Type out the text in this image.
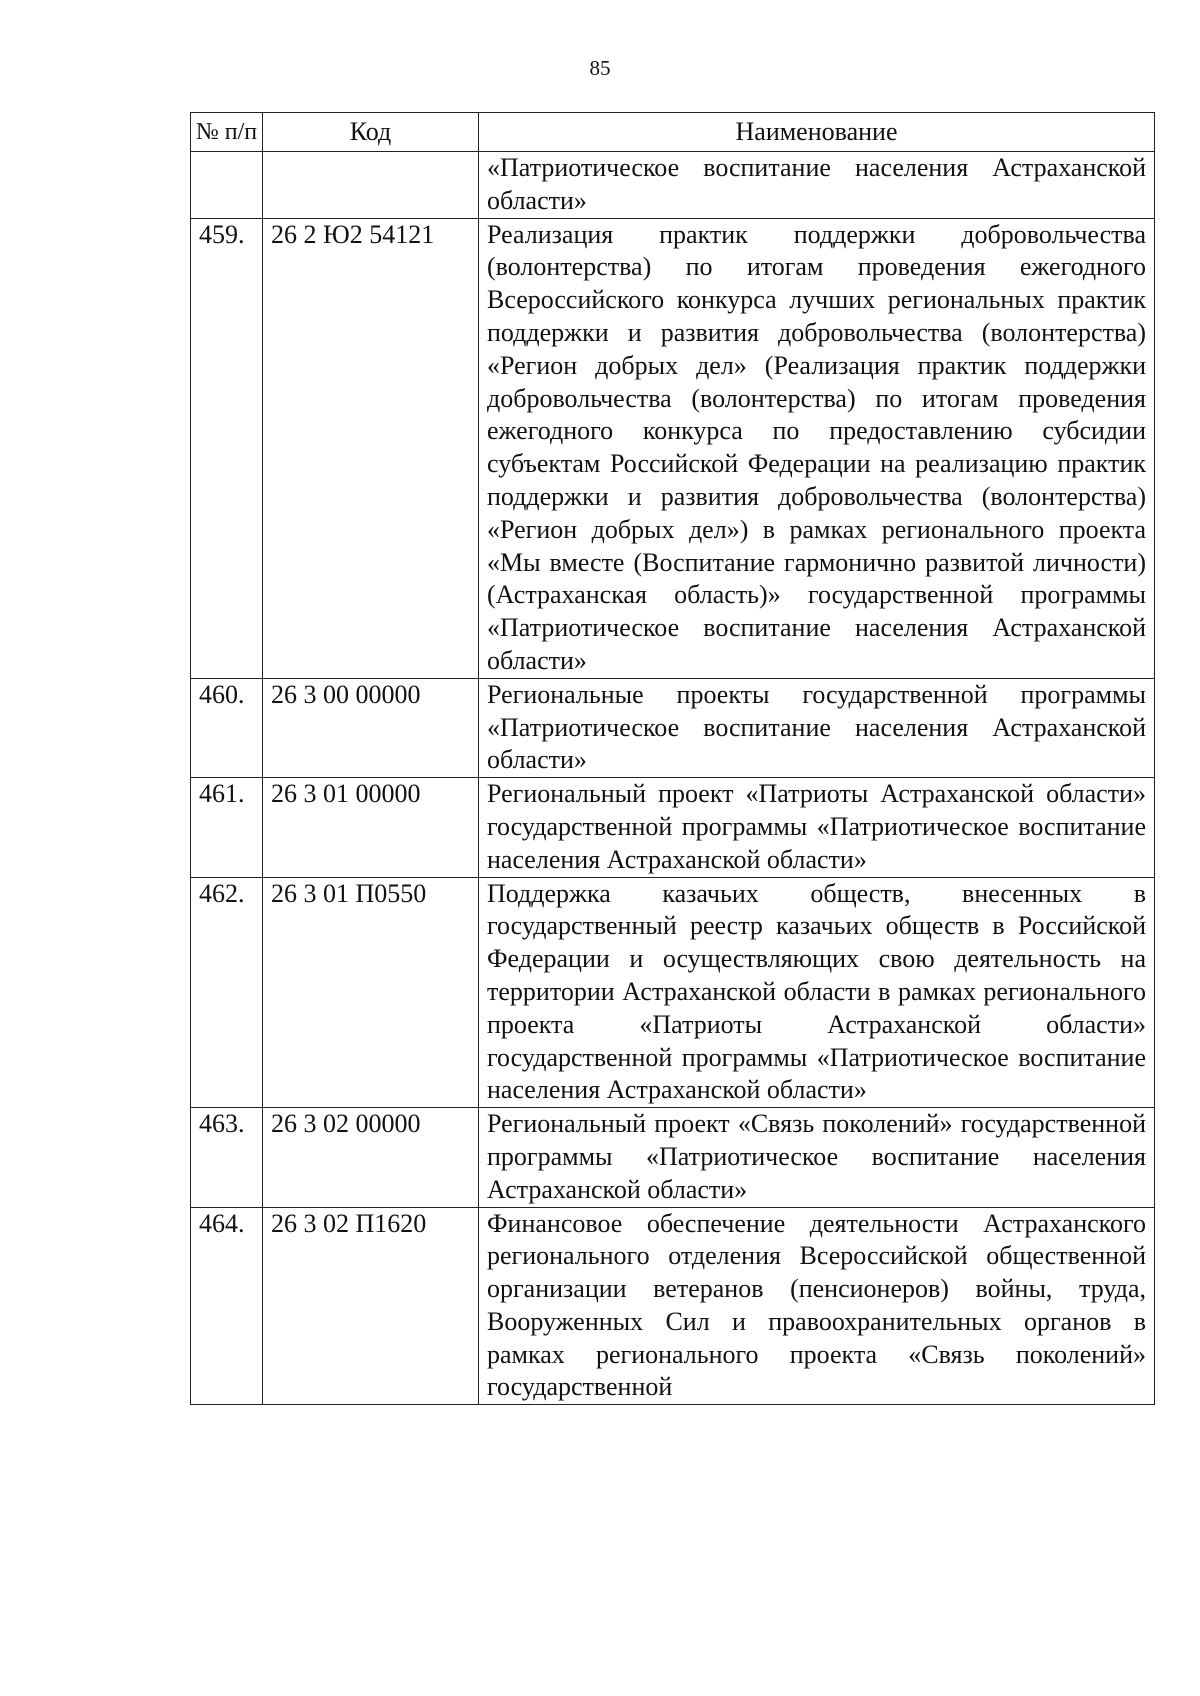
85
№ п/п	Код	Наименование
		«Патриотическое воспитание населения Астраханской области»
459.	26 2 Ю2 54121	Реализация практик поддержки добровольчества (волонтерства) по итогам проведения ежегодного Всероссийского конкурса лучших региональных практик поддержки и развития добровольчества (волонтерства) «Регион добрых дел» (Реализация практик поддержки добровольчества (волонтерства) по итогам проведения ежегодного конкурса по предоставлению субсидии субъектам Российской Федерации на реализацию практик поддержки и развития добровольчества (волонтерства) «Регион добрых дел») в рамках регионального проекта «Мы вместе (Воспитание гармонично развитой личности) (Астраханская область)» государственной программы «Патриотическое воспитание населения Астраханской области»
460.	26 3 00 00000	Региональные проекты государственной программы «Патриотическое воспитание населения Астраханской области»
461.	26 3 01 00000	Региональный проект «Патриоты Астраханской области» государственной программы «Патриотическое воспитание населения Астраханской области»
462.	26 3 01 П0550	Поддержка казачьих обществ, внесенных в государственный реестр казачьих обществ в Российской Федерации и осуществляющих свою деятельность на территории Астраханской области в рамках регионального проекта «Патриоты Астраханской области» государственной программы «Патриотическое воспитание населения Астраханской области»
463.	26 3 02 00000	Региональный проект «Связь поколений» государственной программы «Патриотическое воспитание населения Астраханской области»
464.	26 3 02 П1620	Финансовое обеспечение деятельности Астраханского регионального отделения Всероссийской общественной организации ветеранов (пенсионеров) войны, труда, Вооруженных Сил и правоохранительных органов в рамках регионального проекта «Связь поколений» государственной
